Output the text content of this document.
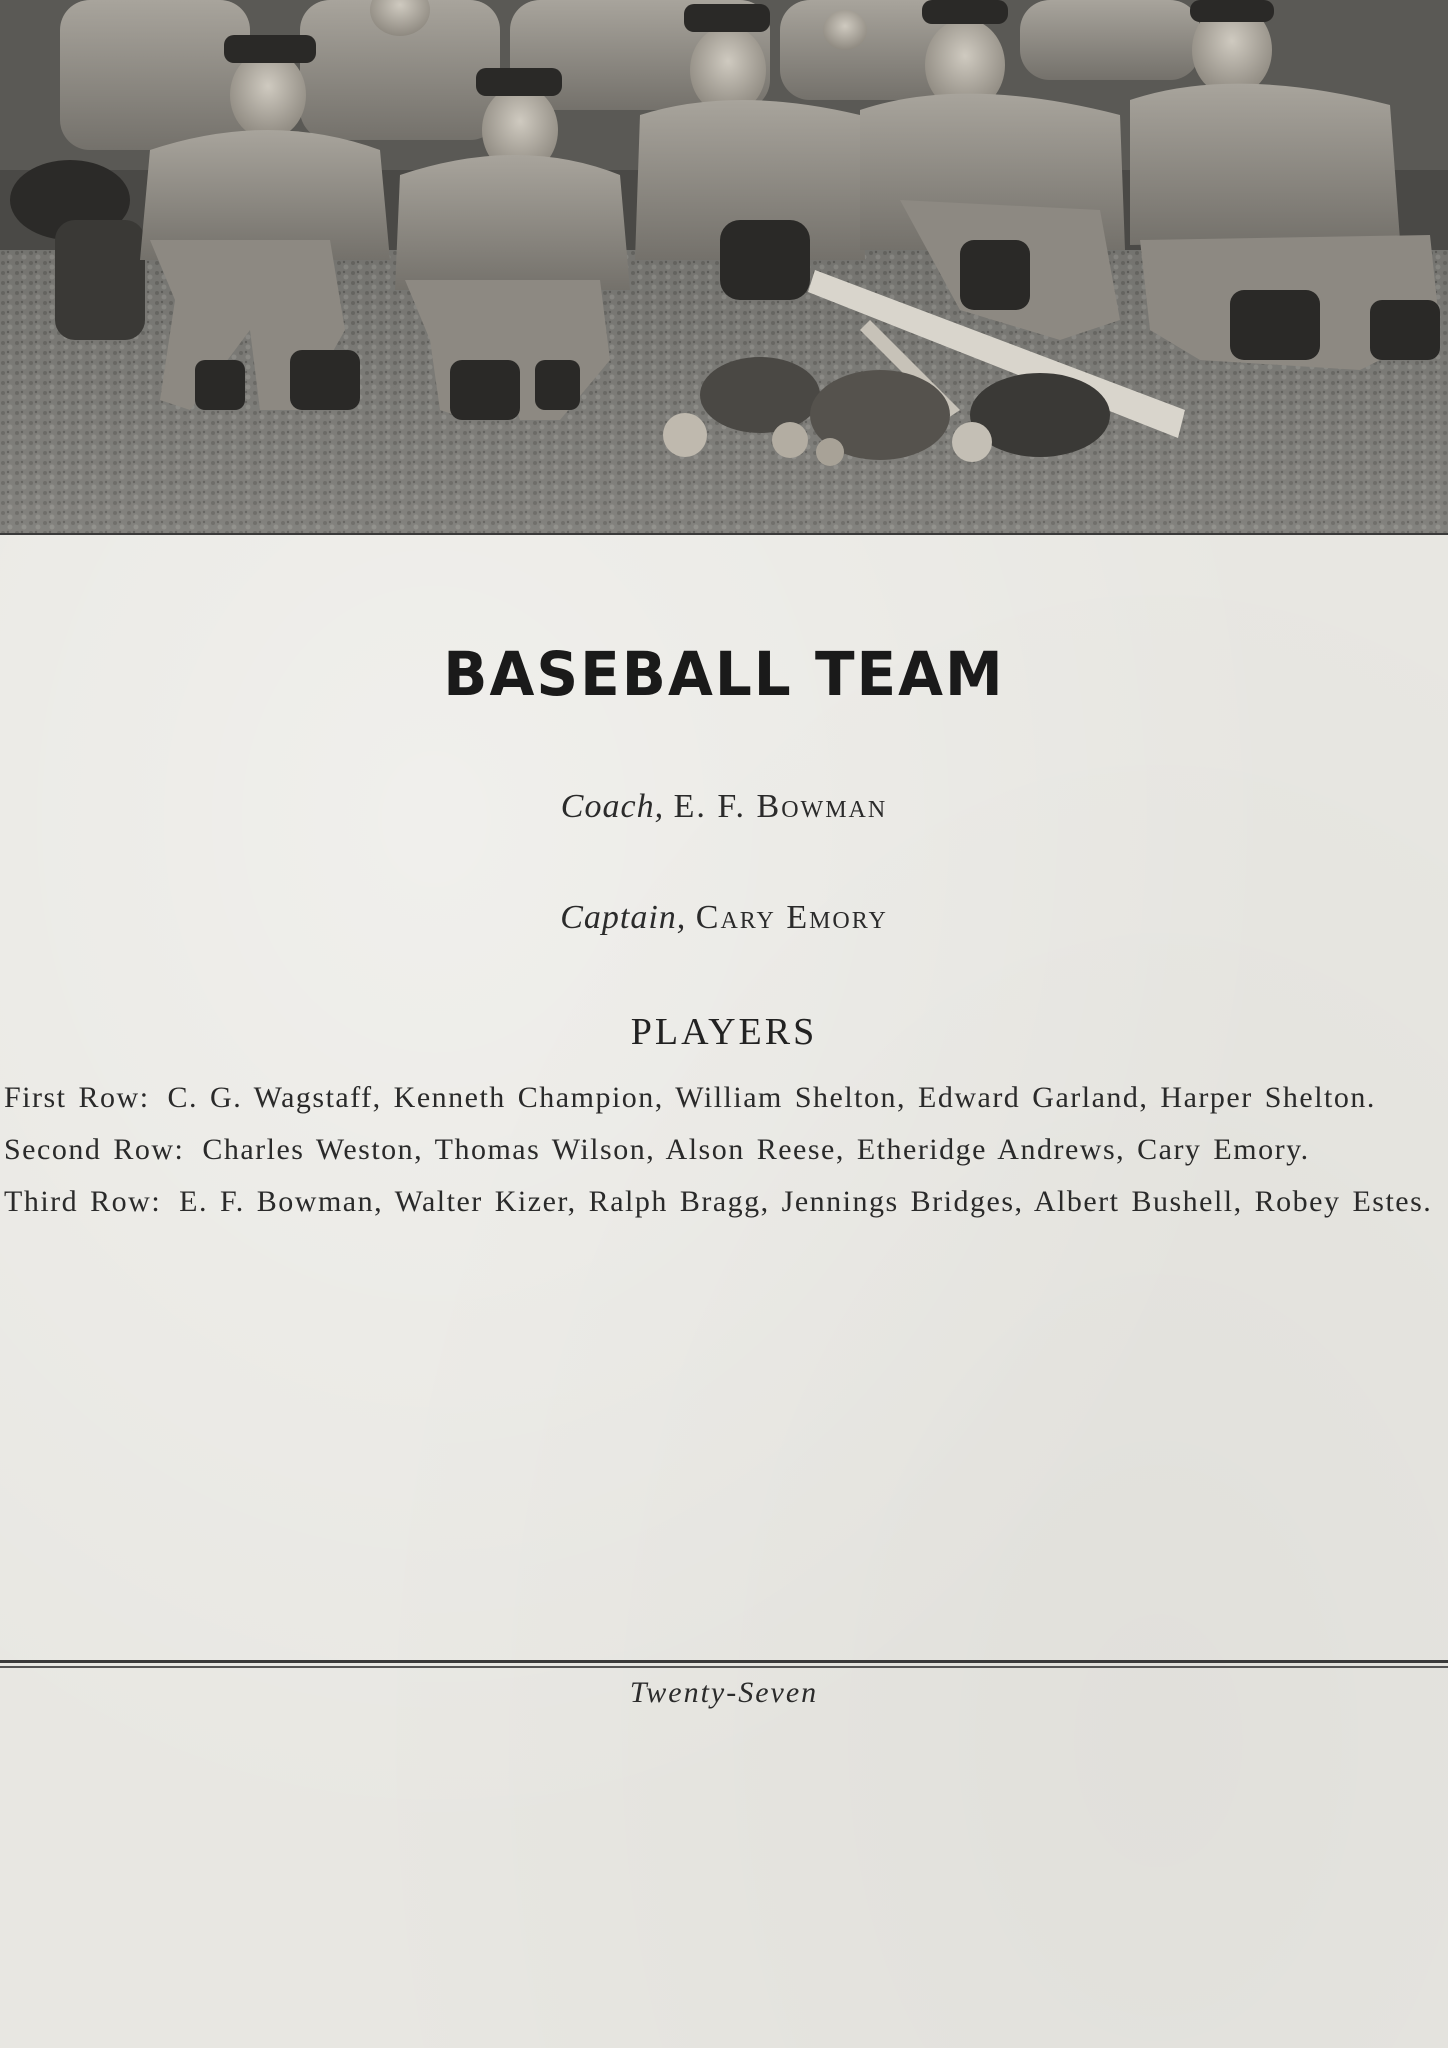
BASEBALL TEAM
Coach, E. F. Bowman
Captain, Cary Emory
PLAYERS
First Row: C. G. Wagstaff, Kenneth Champion, William Shelton, Edward Garland, Harper Shelton.
Second Row: Charles Weston, Thomas Wilson, Alson Reese, Etheridge Andrews, Cary Emory.
Third Row: E. F. Bowman, Walter Kizer, Ralph Bragg, Jennings Bridges, Albert Bushell, Robey Estes.
Twenty-Seven
